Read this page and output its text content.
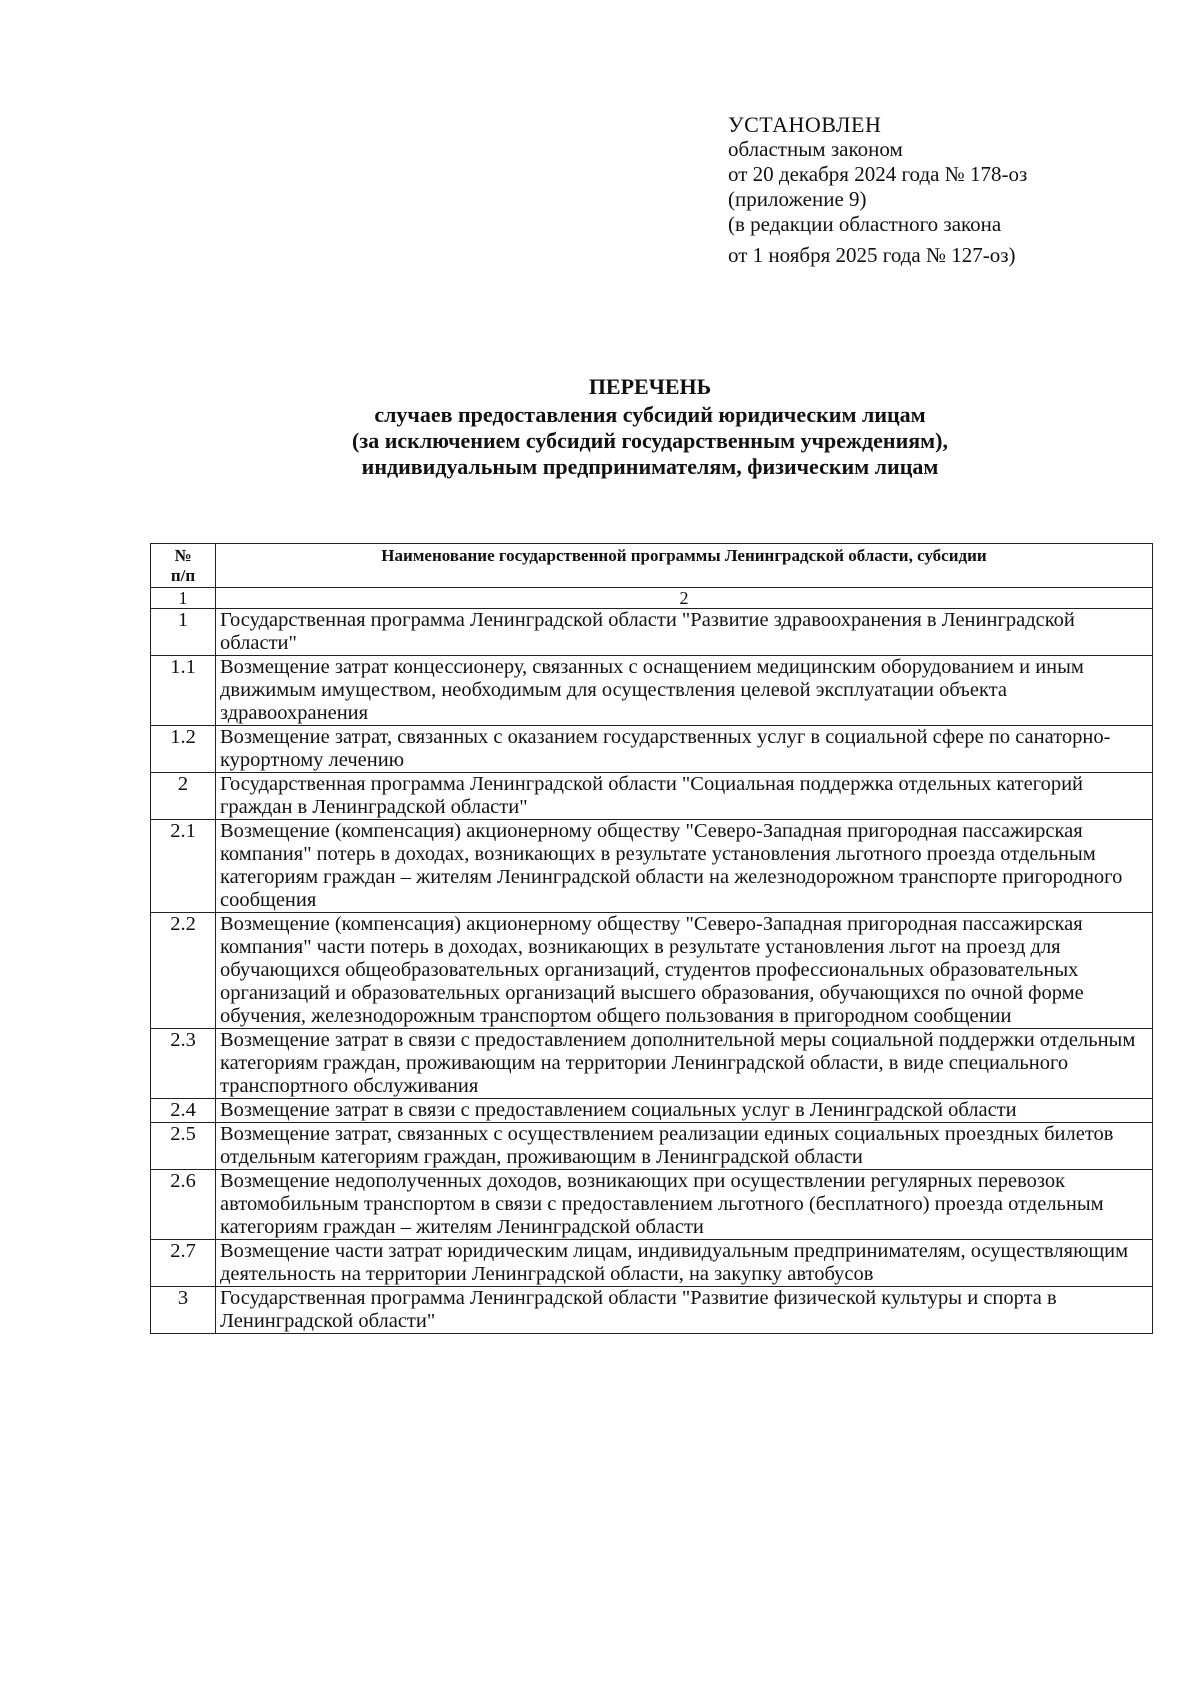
УСТАНОВЛЕН
областным законом
от 20 декабря 2024 года № 178-оз
(приложение 9)
(в редакции областного закона
от 1 ноября 2025 года № 127-оз)
ПЕРЕЧЕНЬ
случаев предоставления субсидий юридическим лицам
(за исключением субсидий государственным учреждениям),
индивидуальным предпринимателям, физическим лицам
№
п/п	Наименование государственной программы Ленинградской области, субсидии
1	2
1	Государственная программа Ленинградской области "Развитие здравоохранения в Ленинградской области"
1.1	Возмещение затрат концессионеру, связанных с оснащением медицинским оборудованием и иным движимым имуществом, необходимым для осуществления целевой эксплуатации объекта здравоохранения
1.2	Возмещение затрат, связанных с оказанием государственных услуг в социальной сфере по санаторно-курортному лечению
2	Государственная программа Ленинградской области "Социальная поддержка отдельных категорий граждан в Ленинградской области"
2.1	Возмещение (компенсация) акционерному обществу "Северо-Западная пригородная пассажирская компания" потерь в доходах, возникающих в результате установления льготного проезда отдельным категориям граждан – жителям Ленинградской области на железнодорожном транспорте пригородного сообщения
2.2	Возмещение (компенсация) акционерному обществу "Северо-Западная пригородная пассажирская компания" части потерь в доходах, возникающих в результате установления льгот на проезд для обучающихся общеобразовательных организаций, студентов профессиональных образовательных организаций и образовательных организаций высшего образования, обучающихся по очной форме обучения, железнодорожным транспортом общего пользования в пригородном сообщении
2.3	Возмещение затрат в связи с предоставлением дополнительной меры социальной поддержки отдельным категориям граждан, проживающим на территории Ленинградской области, в виде специального транспортного обслуживания
2.4	Возмещение затрат в связи с предоставлением социальных услуг в Ленинградской области
2.5	Возмещение затрат, связанных с осуществлением реализации единых социальных проездных билетов отдельным категориям граждан, проживающим в Ленинградской области
2.6	Возмещение недополученных доходов, возникающих при осуществлении регулярных перевозок автомобильным транспортом в связи с предоставлением льготного (бесплатного) проезда отдельным категориям граждан – жителям Ленинградской области
2.7	Возмещение части затрат юридическим лицам, индивидуальным предпринимателям, осуществляющим деятельность на территории Ленинградской области, на закупку автобусов
3	Государственная программа Ленинградской области "Развитие физической культуры и спорта в Ленинградской области"
